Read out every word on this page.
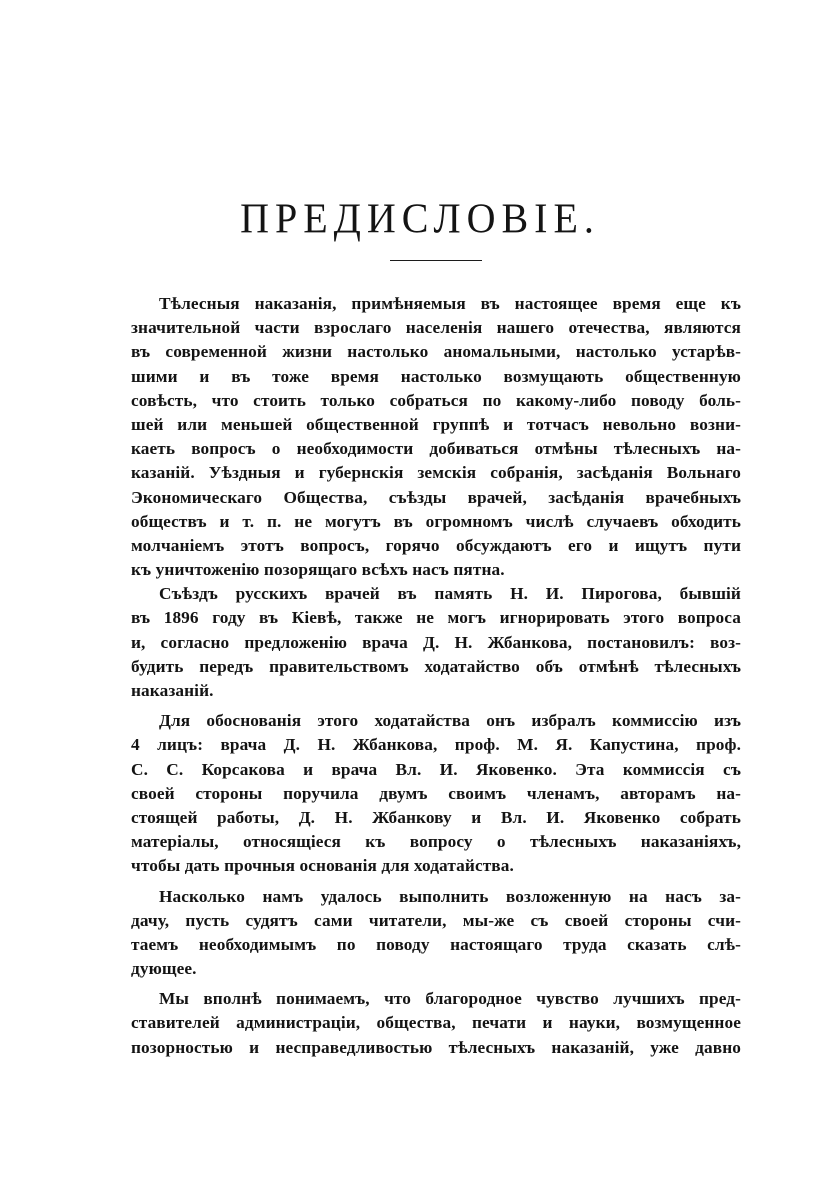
ПРЕДИСЛОВІЕ.
Тѣлесныя наказанія, примѣняемыя въ настоящее время еще къ
значительной части взрослаго населенія нашего отечества, являются
въ современной жизни настолько аномальными, настолько устарѣв-
шими и въ тоже время настолько возмущають общественную
совѣсть, что стоить только собраться по какому-либо поводу боль-
шей или меньшей общественной группѣ и тотчасъ невольно возни-
каеть вопросъ о необходимости добиваться отмѣны тѣлесныхъ на-
казаній. Уѣздныя и губернскія земскія собранія, засѣданія Вольнаго
Экономическаго Общества, съѣзды врачей, засѣданія врачебныхъ
обществъ и т. п. не могутъ въ огромномъ числѣ случаевъ обходить
молчаніемъ этотъ вопросъ, горячо обсуждаютъ его и ищутъ пути
къ уничтоженію позорящаго всѣхъ насъ пятна.
Съѣздъ русскихъ врачей въ память Н. И. Пирогова, бывшій
въ 1896 году въ Кіевѣ, также не могъ игнорировать этого вопроса
и, согласно предложенію врача Д. Н. Жбанкова, постановилъ: воз-
будить передъ правительствомъ ходатайство объ отмѣнѣ тѣлесныхъ
наказаній.
Для обоснованія этого ходатайства онъ избралъ коммиссію изъ
4 лицъ: врача Д. Н. Жбанкова, проф. М. Я. Капустина, проф.
С. С. Корсакова и врача Вл. И. Яковенко. Эта коммиссія съ
своей стороны поручила двумъ своимъ членамъ, авторамъ на-
стоящей работы, Д. Н. Жбанкову и Вл. И. Яковенко собрать
матеріалы, относящіеся къ вопросу о тѣлесныхъ наказаніяхъ,
чтобы дать прочныя основанія для ходатайства.
Насколько намъ удалось выполнить возложенную на насъ за-
дачу, пусть судятъ сами читатели, мы-же съ своей стороны счи-
таемъ необходимымъ по поводу настоящаго труда сказать слѣ-
дующее.
Мы вполнѣ понимаемъ, что благородное чувство лучшихъ пред-
ставителей администраціи, общества, печати и науки, возмущенное
позорностью и несправедливостью тѣлесныхъ наказаній, уже давно
